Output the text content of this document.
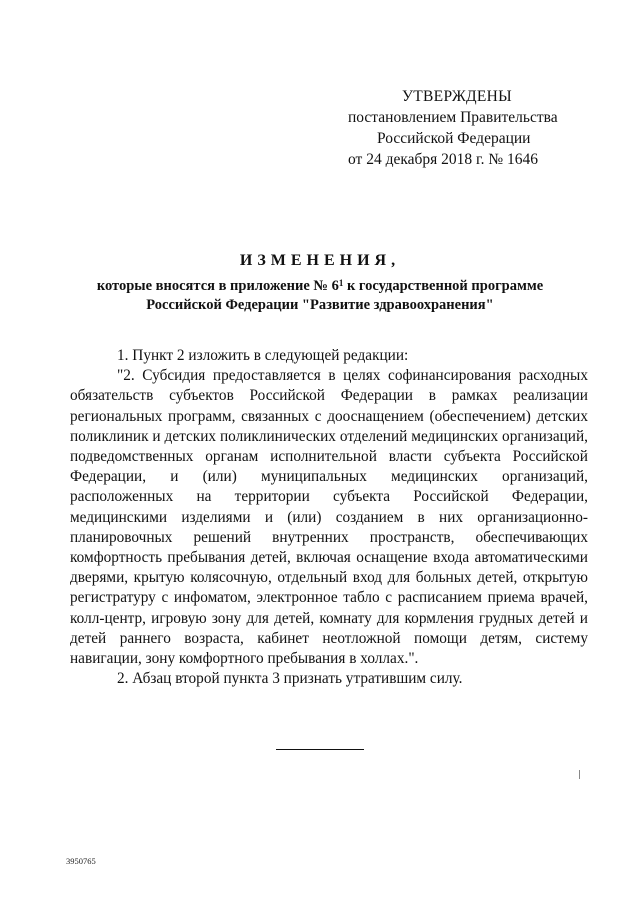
УТВЕРЖДЕНЫ
постановлением Правительства
Российской Федерации
от 24 декабря 2018 г. № 1646
ИЗМЕНЕНИЯ,
которые вносятся в приложение № $6^1$ к государственной программе
Российской Федерации "Развитие здравоохранения"

1. Пункт 2 изложить в следующей редакции:

"2. Субсидия предоставляется в целях софинансирования расходных обязательств субъектов Российской Федерации в рамках реализации региональных программ, связанных с дооснащением (обеспечением) детских поликлиник и детских поликлинических отделений медицинских организаций, подведомственных органам исполнительной власти субъекта Российской Федерации, и (или) муниципальных медицинских организаций, расположенных на территории субъекта Российской Федерации, медицинскими изделиями и (или) созданием в них организационно-планировочных решений внутренних пространств, обеспечивающих комфортность пребывания детей, включая оснащение входа автоматическими дверями, крытую колясочную, отдельный вход для больных детей, открытую регистратуру с инфоматом, электронное табло с расписанием приема врачей, колл-центр, игровую зону для детей, комнату для кормления грудных детей и детей раннего возраста, кабинет неотложной помощи детям, систему навигации, зону комфортного пребывания в холлах.".

2. Абзац второй пункта 3 признать утратившим силу.

3950765
